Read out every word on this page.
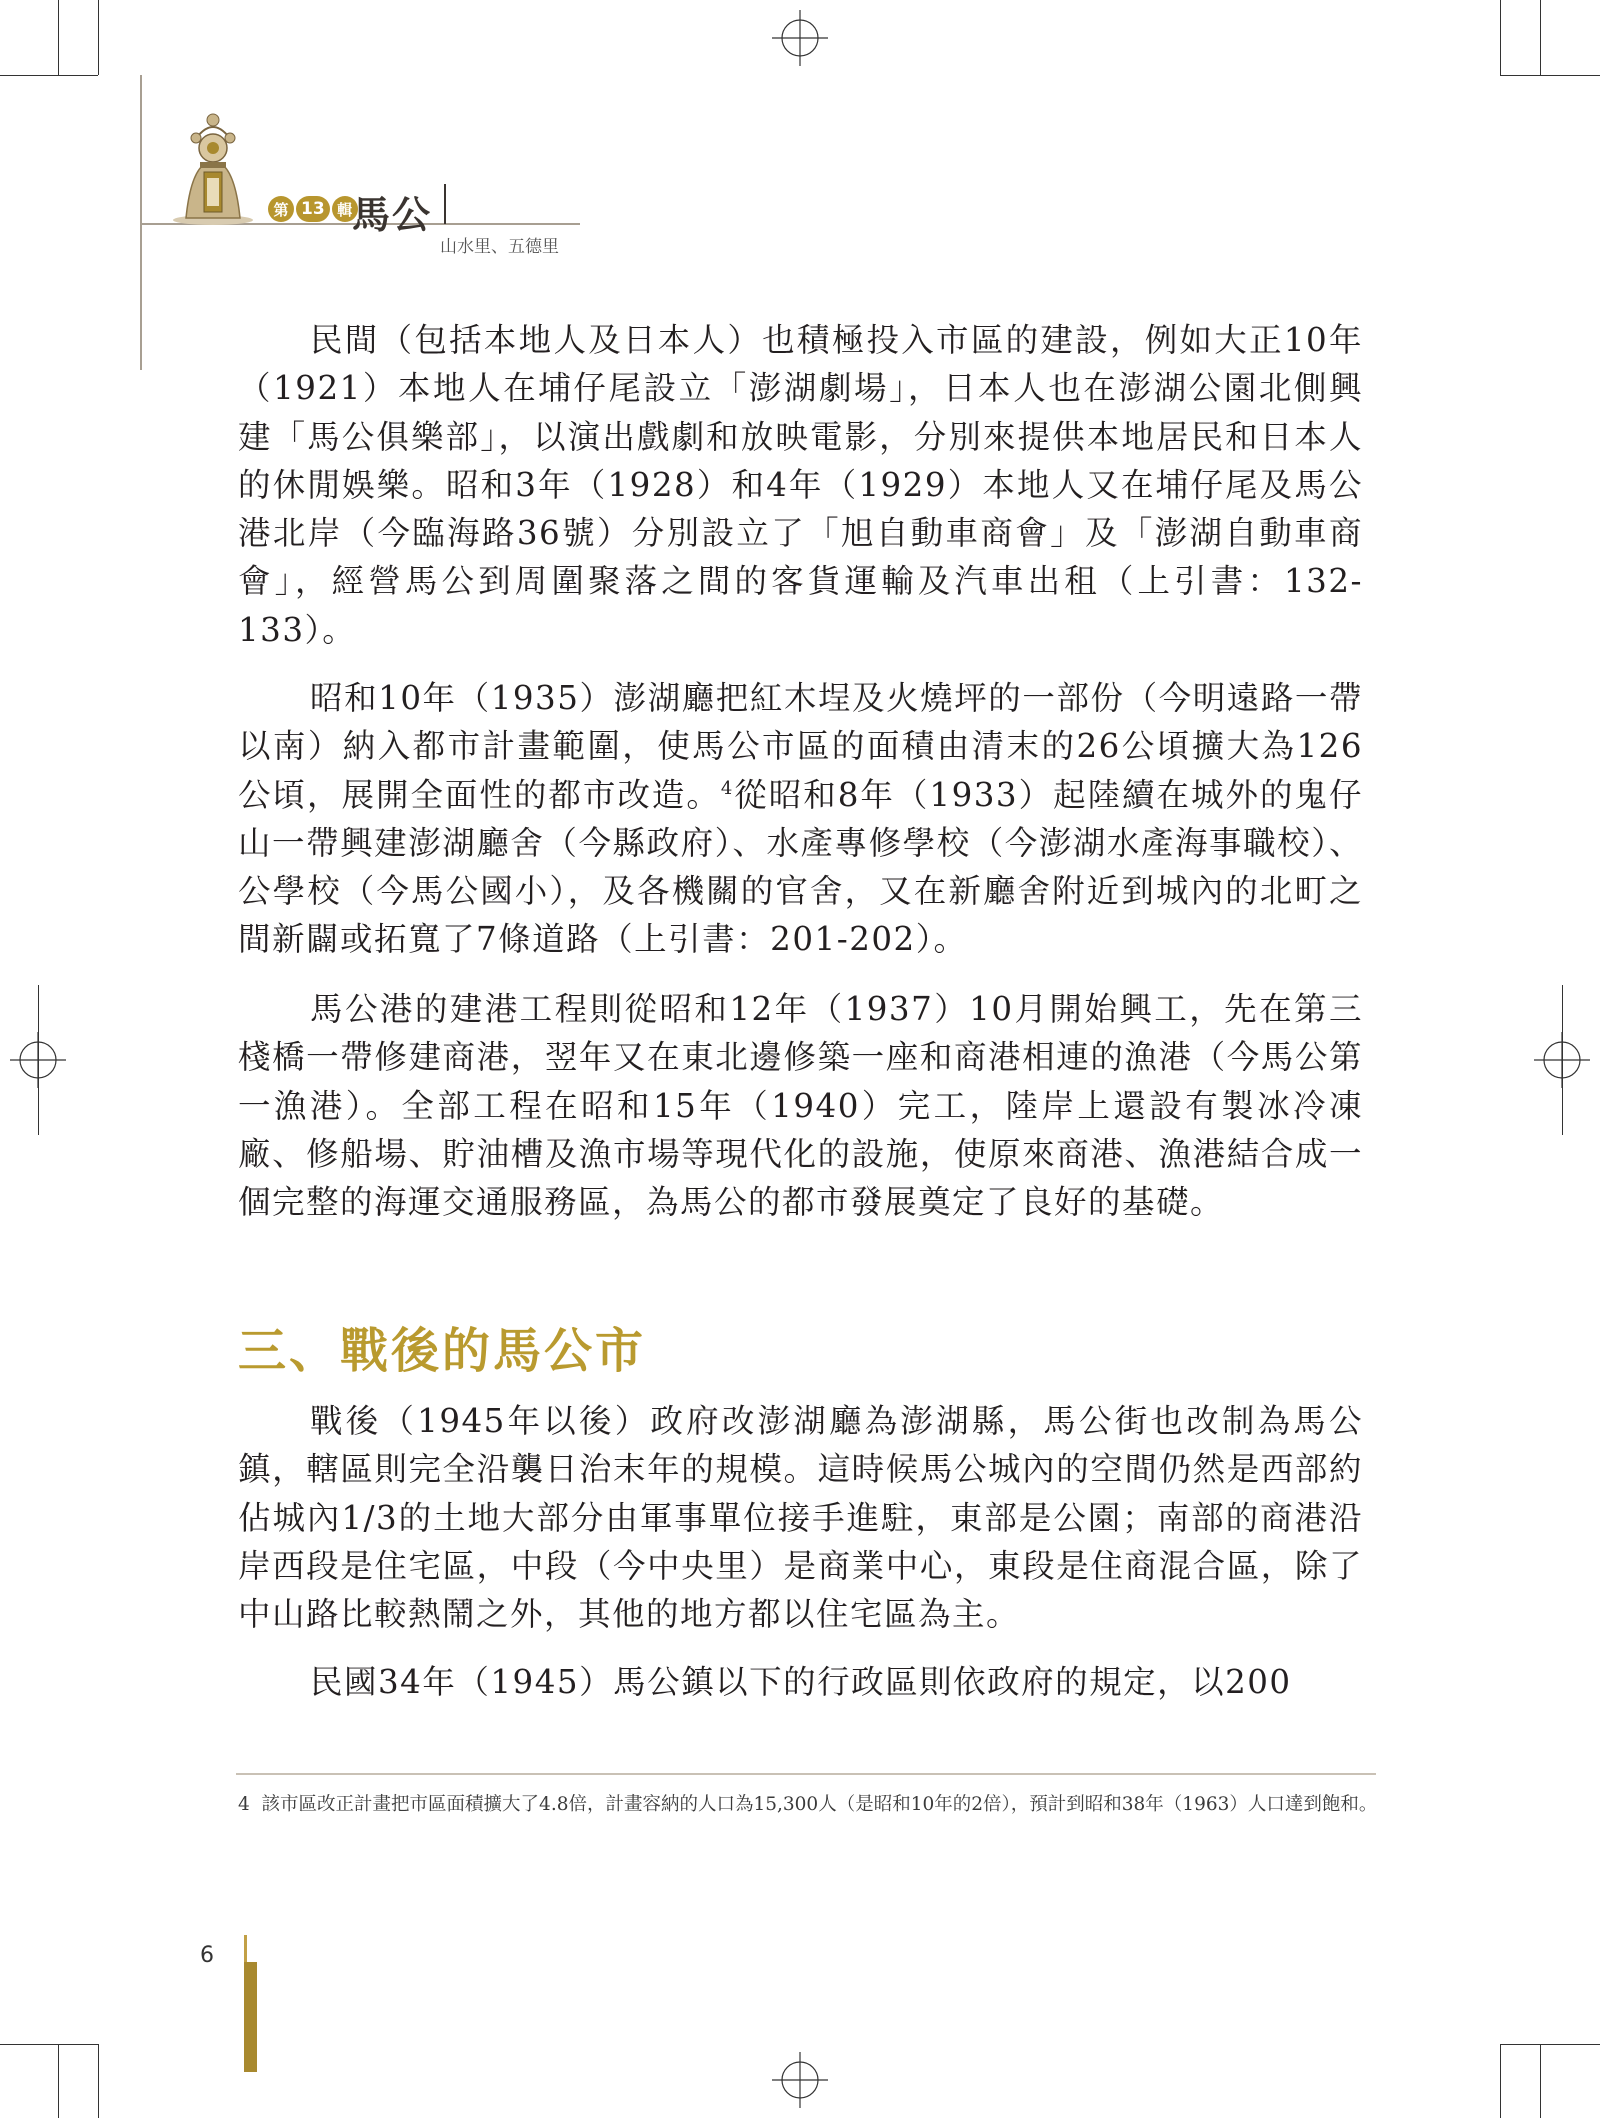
第 13 輯 馬公
山水里、五德里

民間（包括本地人及日本人）也積極投入市區的建設，例如大正10年（1921）本地人在埔仔尾設立「澎湖劇場」，日本人也在澎湖公園北側興建「馬公俱樂部」，以演出戲劇和放映電影，分別來提供本地居民和日本人的休閒娛樂。昭和3年（1928）和4年（1929）本地人又在埔仔尾及馬公港北岸（今臨海路36號）分別設立了「旭自動車商會」及「澎湖自動車商會」，經營馬公到周圍聚落之間的客貨運輸及汽車出租（上引書：132-133）。

昭和10年（1935）澎湖廳把紅木埕及火燒坪的一部份（今明遠路一帶以南）納入都市計畫範圍，使馬公市區的面積由清末的26公頃擴大為126公頃，展開全面性的都市改造。$^4$從昭和8年（1933）起陸續在城外的鬼仔山一帶興建澎湖廳舍（今縣政府）、水產專修學校（今澎湖水產海事職校）、公學校（今馬公國小），及各機關的官舍，又在新廳舍附近到城內的北町之間新闢或拓寬了7條道路（上引書：201-202）。

馬公港的建港工程則從昭和12年（1937）10月開始興工，先在第三棧橋一帶修建商港，翌年又在東北邊修築一座和商港相連的漁港（今馬公第一漁港）。全部工程在昭和15年（1940）完工，陸岸上還設有製冰冷凍廠、修船場、貯油槽及漁市場等現代化的設施，使原來商港、漁港結合成一個完整的海運交通服務區，為馬公的都市發展奠定了良好的基礎。

三、戰後的馬公市

戰後（1945年以後）政府改澎湖廳為澎湖縣，馬公街也改制為馬公鎮，轄區則完全沿襲日治末年的規模。這時候馬公城內的空間仍然是西部約佔城內1/3的土地大部分由軍事單位接手進駐，東部是公園；南部的商港沿岸西段是住宅區，中段（今中央里）是商業中心，東段是住商混合區，除了中山路比較熱鬧之外，其他的地方都以住宅區為主。

民國34年（1945）馬公鎮以下的行政區則依政府的規定，以200

4 該市區改正計畫把市區面積擴大了4.8倍，計畫容納的人口為15,300人（是昭和10年的2倍），預計到昭和38年（1963）人口達到飽和。
6
